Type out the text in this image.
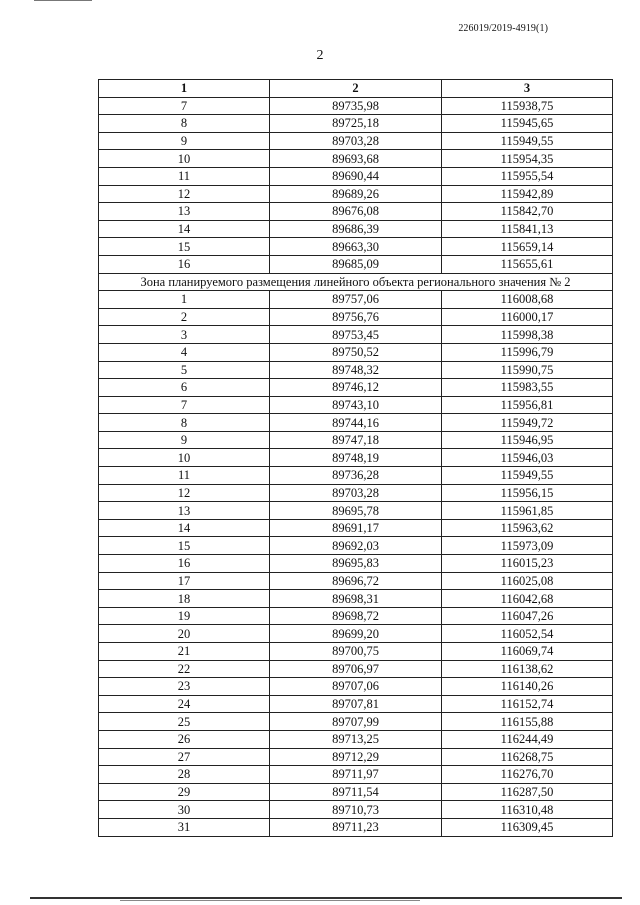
226019/2019-4919(1)
2
1	2	3
7	89735,98	115938,75
8	89725,18	115945,65
9	89703,28	115949,55
10	89693,68	115954,35
11	89690,44	115955,54
12	89689,26	115942,89
13	89676,08	115842,70
14	89686,39	115841,13
15	89663,30	115659,14
16	89685,09	115655,61
Зона планируемого размещения линейного объекта регионального значения № 2		
1	89757,06	116008,68
2	89756,76	116000,17
3	89753,45	115998,38
4	89750,52	115996,79
5	89748,32	115990,75
6	89746,12	115983,55
7	89743,10	115956,81
8	89744,16	115949,72
9	89747,18	115946,95
10	89748,19	115946,03
11	89736,28	115949,55
12	89703,28	115956,15
13	89695,78	115961,85
14	89691,17	115963,62
15	89692,03	115973,09
16	89695,83	116015,23
17	89696,72	116025,08
18	89698,31	116042,68
19	89698,72	116047,26
20	89699,20	116052,54
21	89700,75	116069,74
22	89706,97	116138,62
23	89707,06	116140,26
24	89707,81	116152,74
25	89707,99	116155,88
26	89713,25	116244,49
27	89712,29	116268,75
28	89711,97	116276,70
29	89711,54	116287,50
30	89710,73	116310,48
31	89711,23	116309,45
